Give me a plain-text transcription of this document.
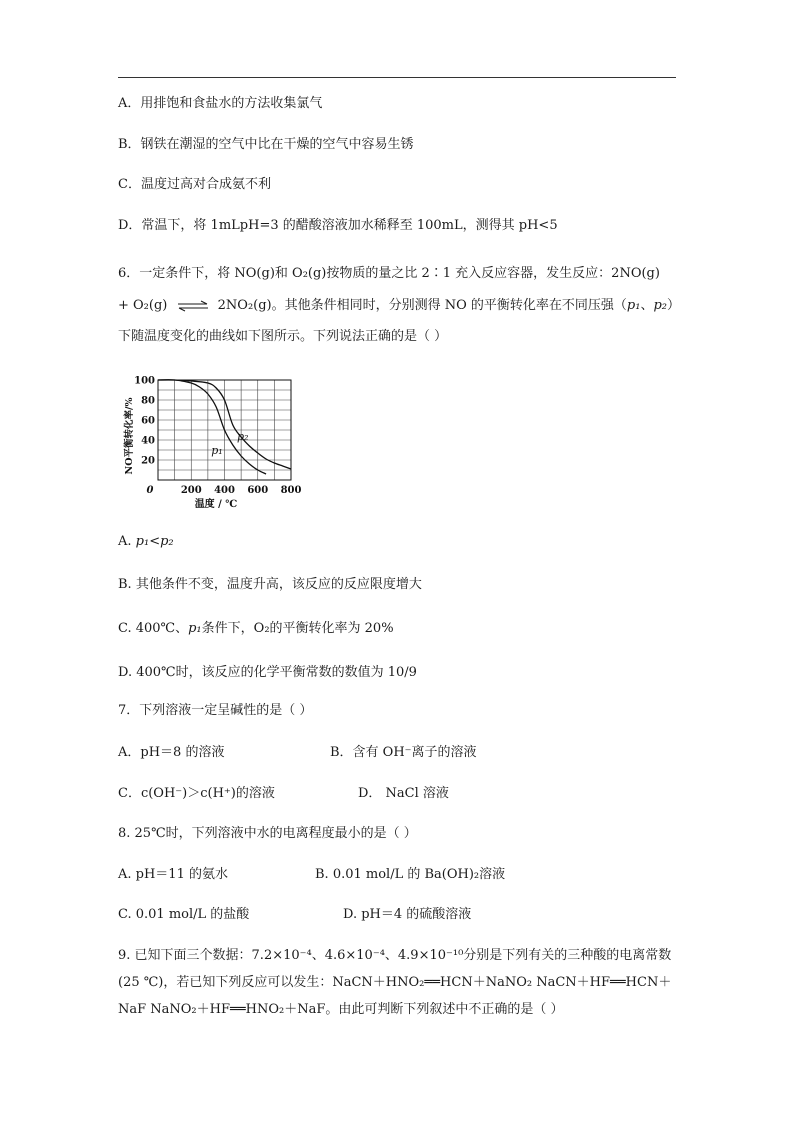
A．用排饱和食盐水的方法收集氯气
B．钢铁在潮湿的空气中比在干燥的空气中容易生锈
C．温度过高对合成氨不利
D．常温下，将 1mLpH=3 的醋酸溶液加水稀释至 100mL，测得其 pH<5
6．一定条件下，将 NO(g)和 O₂(g)按物质的量之比 2∶1 充入反应容器，发生反应：2NO(g)
+ O₂(g) ⇌ 2NO₂(g)。其他条件相同时，分别测得 NO 的平衡转化率在不同压强（p₁、p₂）
下随温度变化的曲线如下图所示。下列说法正确的是（ ）
20
40
60
80
100
0	200 400 600 800
温度 / ℃
NO平衡转化率/%	p₁
p₂
A. p₁<p₂
B. 其他条件不变，温度升高，该反应的反应限度增大
C. 400℃、p₁条件下，O₂的平衡转化率为 20%
D. 400℃时，该反应的化学平衡常数的数值为 10/9
7．下列溶液一定呈碱性的是（ ）
A．pH＝8 的溶液	B．含有 OH⁻离子的溶液
C．c(OH⁻)＞c(H⁺)的溶液	D． NaCl 溶液
8. 25℃时，下列溶液中水的电离程度最小的是（ ）
A. pH＝11 的氨水	B. 0.01 mol/L 的 Ba(OH)₂溶液
C. 0.01 mol/L 的盐酸	D. pH＝4 的硫酸溶液
9. 已知下面三个数据：7.2×10⁻⁴、4.6×10⁻⁴、4.9×10⁻¹⁰分别是下列有关的三种酸的电离常数
(25 ℃)，若已知下列反应可以发生：NaCN＋HNO₂══HCN＋NaNO₂ NaCN＋HF══HCN＋
NaF NaNO₂＋HF══HNO₂＋NaF。由此可判断下列叙述中不正确的是（ ）
